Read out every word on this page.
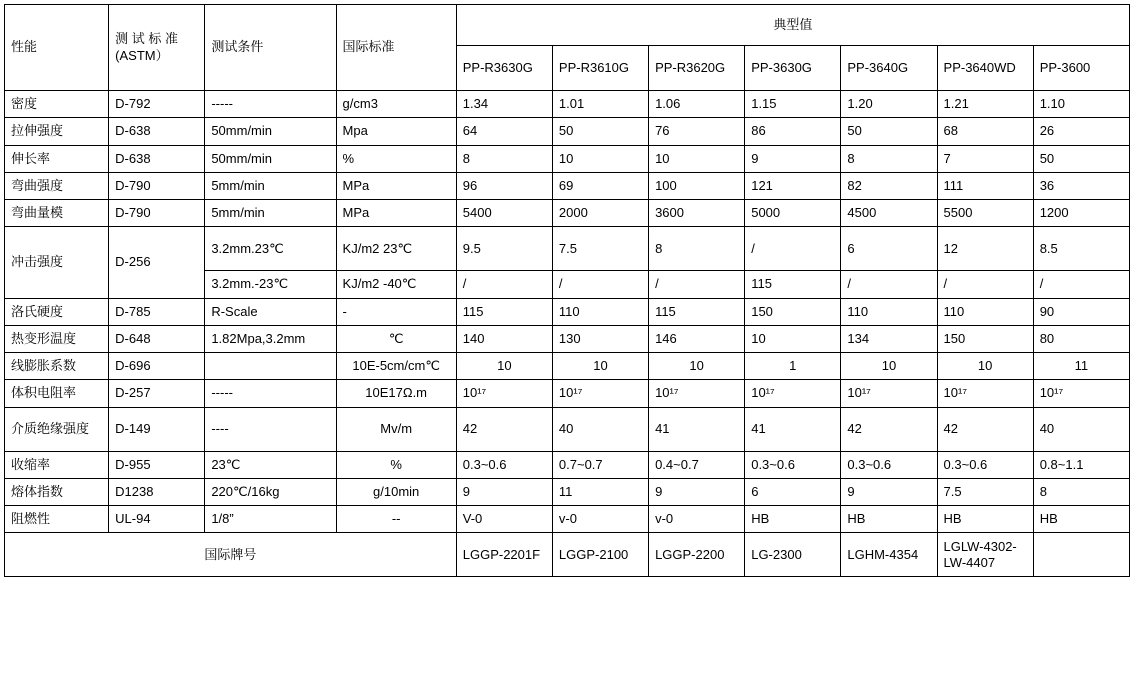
性能	测 试 标 准 (ASTM）	测试条件	国际标准	典型值						
				PP-R3630G	PP-R3610G	PP-R3620G	PP-3630G	PP-3640G	PP-3640WD	PP-3600
密度	D-792	-----	g/cm3	1.34	1.01	1.06	1.15	1.20	1.21	1.10
拉伸强度	D-638	50mm/min	Mpa	64	50	76	86	50	68	26
伸长率	D-638	50mm/min	%	8	10	10	9	8	7	50
弯曲强度	D-790	5mm/min	MPa	96	69	100	121	82	111	36
弯曲量模	D-790	5mm/min	MPa	5400	2000	3600	5000	4500	5500	1200
冲击强度	D-256	3.2mm.23℃	KJ/m2 23℃	9.5	7.5	8	/	6	12	8.5
		3.2mm.-23℃	KJ/m2 -40℃	/	/	/	115	/	/	/
洛氏硬度	D-785	R-Scale	-	115	110	115	150	110	110	90
热变形温度	D-648	1.82Mpa,3.2mm	℃	140	130	146	10	134	150	80
线膨胀系数	D-696		10E-5cm/cm℃	10	10	10	1	10	10	11
体积电阻率	D-257	-----	10E17Ω.m	10¹⁷	10¹⁷	10¹⁷	10¹⁷	10¹⁷	10¹⁷	10¹⁷
介质绝缘强度	D-149	----	Mv/m	42	40	41	41	42	42	40
收缩率	D-955	23℃	%	0.3~0.6	0.7~0.7	0.4~0.7	0.3~0.6	0.3~0.6	0.3~0.6	0.8~1.1
熔体指数	D1238	220℃/16kg	g/10min	9	11	9	6	9	7.5	8
阻燃性	UL-94	1/8”	--	V-0	v-0	v-0	HB	HB	HB	HB
国际牌号				LGGP-2201F	LGGP-2100	LGGP-2200	LG-2300	LGHM-4354	LGLW-4302-LW-4407	
